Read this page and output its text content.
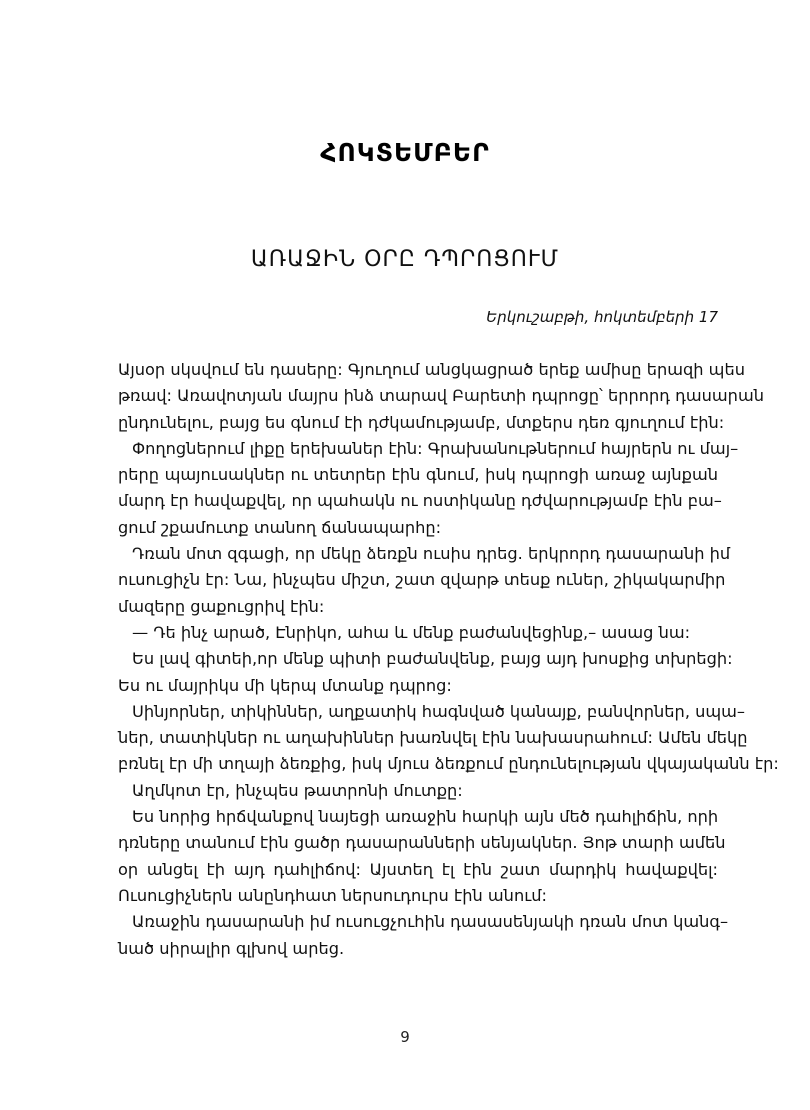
ՀՈԿՏԵՄԲԵՐ
ԱՌԱՋԻՆ ՕՐԸ ԴՊՐՈՑՈՒՄ
Երկուշաբթի, հոկտեմբերի 17
Այսօր սկսվում են դասերը: Գյուղում անցկացրած երեք ամիսը երազի պես
թռավ: Առավոտյան մայրս ինձ տարավ Բարետի դպրոցը՝ երրորդ դասարան
ընդունելու, բայց ես գնում էի դժկամությամբ, մտքերս դեռ գյուղում էին:
Փողոցներում լիքը երեխաներ էին: Գրախանութներում հայրերն ու մայ–
րերը պայուսակներ ու տետրեր էին գնում, իսկ դպրոցի առաջ այնքան
մարդ էր հավաքվել, որ պահակն ու ոստիկանը դժվարությամբ էին բա–
ցում շքամուտք տանող ճանապարհը:
Դռան մոտ զգացի, որ մեկը ձեռքն ուսիս դրեց. երկրորդ դասարանի իմ
ուսուցիչն էր: Նա, ինչպես միշտ, շատ զվարթ տեսք ուներ, շիկակարմիր
մազերը ցաքուցրիվ էին:
— Դե ինչ արած, Էնրիկո, ահա և մենք բաժանվեցինք,– ասաց նա:
Ես լավ գիտեի,որ մենք պիտի բաժանվենք, բայց այդ խոսքից տխրեցի:
Ես ու մայրիկս մի կերպ մտանք դպրոց:
Սինյորներ, տիկիններ, աղքատիկ հագնված կանայք, բանվորներ, սպա–
ներ, տատիկներ ու աղախիններ խառնվել էին նախասրահում: Ամեն մեկը
բռնել էր մի տղայի ձեռքից, իսկ մյուս ձեռքում ընդունելության վկայականն էր:
Աղմկոտ էր, ինչպես թատրոնի մուտքը:
Ես նորից հրճվանքով նայեցի առաջին հարկի այն մեծ դահլիճին, որի
դռները տանում էին ցածր դասարանների սենյակներ. Յոթ տարի ամեն
օր անցել էի այդ դահլիճով: Այստեղ էլ էին շատ մարդիկ հավաքվել:
Ուսուցիչներն անընդհատ ներսուդուրս էին անում:
Առաջին դասարանի իմ ուսուցչուհին դասասենյակի դռան մոտ կանգ–
նած սիրալիր գլխով արեց.
9
